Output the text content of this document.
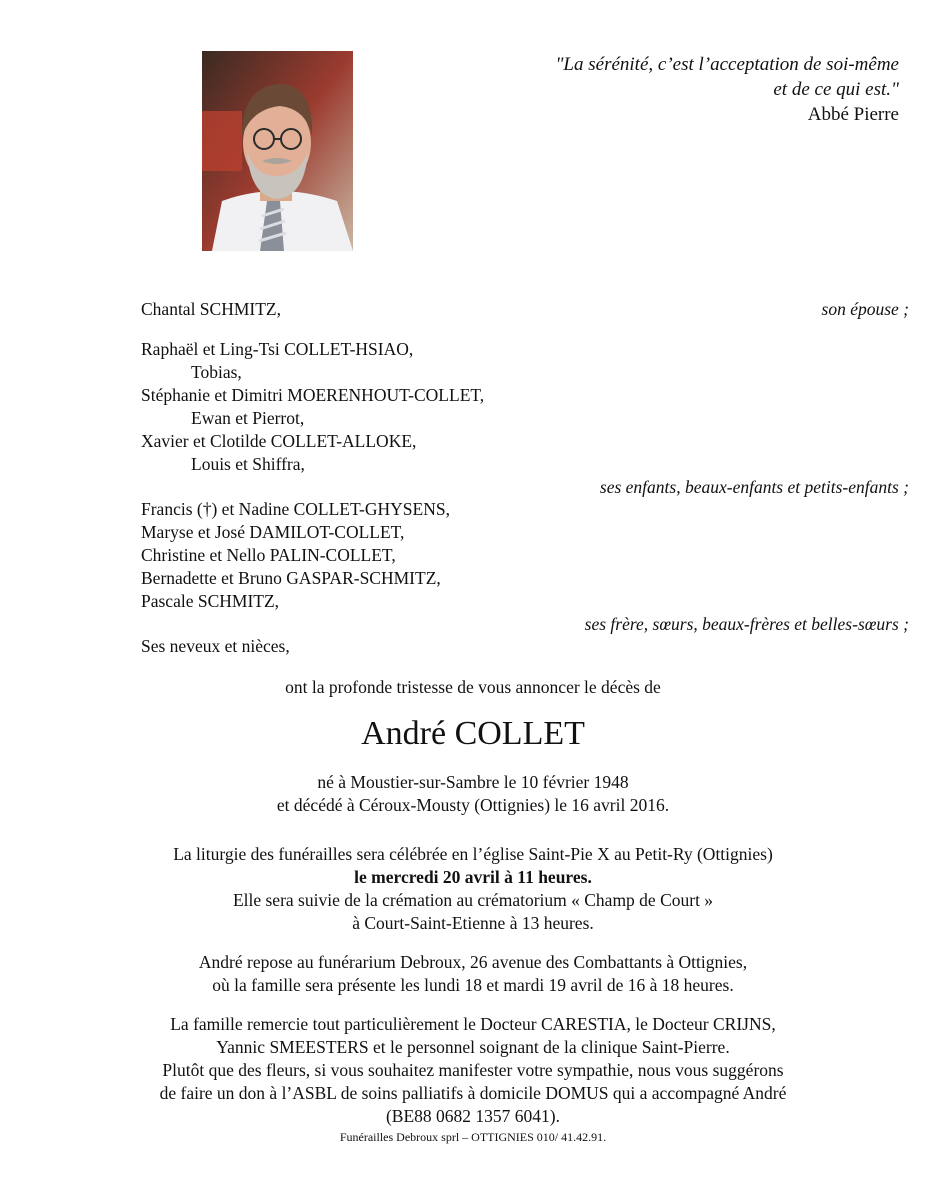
"La sérénité, c’est l’acceptation de soi-même
et de ce qui est."
Abbé Pierre
Chantal SCHMITZ,	son épouse ;
Raphaël et Ling-Tsi COLLET-HSIAO,
Tobias,
Stéphanie et Dimitri MOERENHOUT-COLLET,
Ewan et Pierrot,
Xavier et Clotilde COLLET-ALLOKE,
Louis et Shiffra,
ses enfants, beaux-enfants et petits-enfants ;
Francis (†) et Nadine COLLET-GHYSENS,
Maryse et José DAMILOT-COLLET,
Christine et Nello PALIN-COLLET,
Bernadette et Bruno GASPAR-SCHMITZ,
Pascale SCHMITZ,
ses frère, sœurs, beaux-frères et belles-sœurs ;
Ses neveux et nièces,
ont la profonde tristesse de vous annoncer le décès de
André COLLET
né à Moustier-sur-Sambre le 10 février 1948
et décédé à Céroux-Mousty (Ottignies) le 16 avril 2016.
La liturgie des funérailles sera célébrée en l’église Saint-Pie X au Petit-Ry (Ottignies)
le mercredi 20 avril à 11 heures.
Elle sera suivie de la crémation au crématorium « Champ de Court »
à Court-Saint-Etienne à 13 heures.
André repose au funérarium Debroux, 26 avenue des Combattants à Ottignies,
où la famille sera présente les lundi 18 et mardi 19 avril de 16 à 18 heures.
La famille remercie tout particulièrement le Docteur CARESTIA, le Docteur CRIJNS,
Yannic SMEESTERS et le personnel soignant de la clinique Saint-Pierre.
Plutôt que des fleurs, si vous souhaitez manifester votre sympathie, nous vous suggérons
de faire un don à l’ASBL de soins palliatifs à domicile DOMUS qui a accompagné André
(BE88 0682 1357 6041).
Funérailles Debroux sprl – OTTIGNIES 010/ 41.42.91.
